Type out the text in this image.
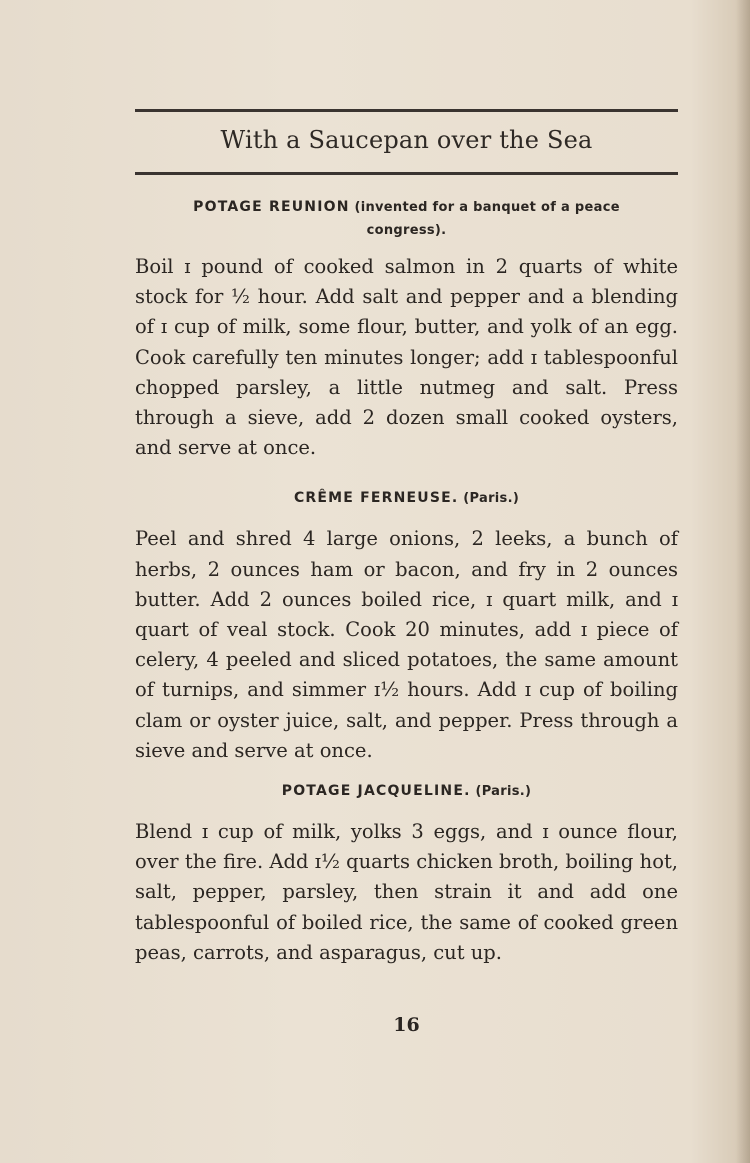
With a Saucepan over the Sea
POTAGE REUNION (invented for a banquet of a peace congress).

Boil ɪ pound of cooked salmon in 2 quarts of white stock for ½ hour. Add salt and pepper and a blending of ɪ cup of milk, some flour, butter, and yolk of an egg. Cook carefully ten minutes longer; add ɪ tablespoonful chopped parsley, a little nutmeg and salt. Press through a sieve, add 2 dozen small cooked oysters, and serve at once.

CRÊME FERNEUSE. (Paris.)

Peel and shred 4 large onions, 2 leeks, a bunch of herbs, 2 ounces ham or bacon, and fry in 2 ounces butter. Add 2 ounces boiled rice, ɪ quart milk, and ɪ quart of veal stock. Cook 20 minutes, add ɪ piece of celery, 4 peeled and sliced potatoes, the same amount of turnips, and simmer ɪ½ hours. Add ɪ cup of boiling clam or oyster juice, salt, and pepper. Press through a sieve and serve at once.

POTAGE JACQUELINE. (Paris.)

Blend ɪ cup of milk, yolks 3 eggs, and ɪ ounce flour, over the fire. Add ɪ½ quarts chicken broth, boiling hot, salt, pepper, parsley, then strain it and add one tablespoonful of boiled rice, the same of cooked green peas, carrots, and asparagus, cut up.

16
